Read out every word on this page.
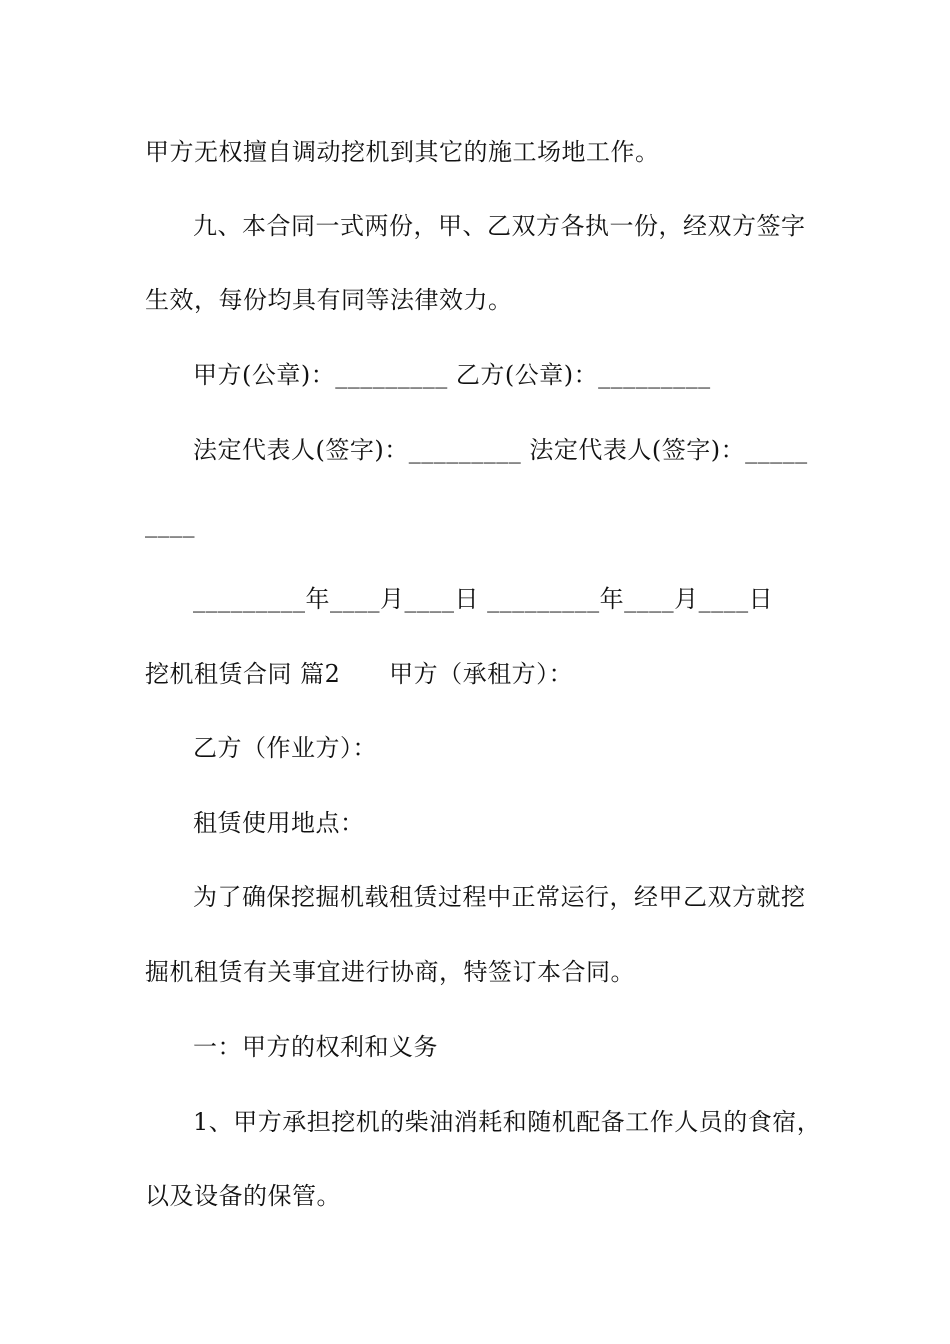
甲方无权擅自调动挖机到其它的施工场地工作。
九、本合同一式两份，甲、乙双方各执一份，经双方签字
生效，每份均具有同等法律效力。
甲方(公章)：_________ 乙方(公章)：_________
法定代表人(签字)：_________ 法定代表人(签字)：_____
____
_________年____月____日 _________年____月____日
挖机租赁合同 篇2      甲方（承租方）：
乙方（作业方）：
租赁使用地点：
为了确保挖掘机载租赁过程中正常运行，经甲乙双方就挖
掘机租赁有关事宜进行协商，特签订本合同。
一：甲方的权利和义务
1、甲方承担挖机的柴油消耗和随机配备工作人员的食宿，
以及设备的保管。
